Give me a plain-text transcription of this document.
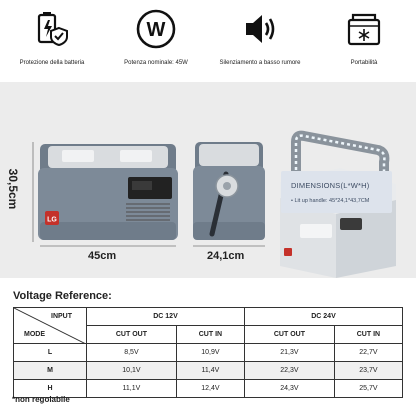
Protezione della batteria
W
Potenza nominale: 45W	Silenziamento a basso rumore	Portabilità
LG
DIMENSIONS(L*W*H)
• Lit up handle: 45*24,1*43,7CM
30,5cm
45cm	24,1cm
Voltage Reference:
INPUT
MODE	DC 12V		DC 24V	
	CUT OUT	CUT IN	CUT OUT	CUT IN
L	8,5V	10,9V	21,3V	22,7V
M	10,1V	11,4V	22,3V	23,7V
H	11,1V	12,4V	24,3V	25,7V
*non regolabile
